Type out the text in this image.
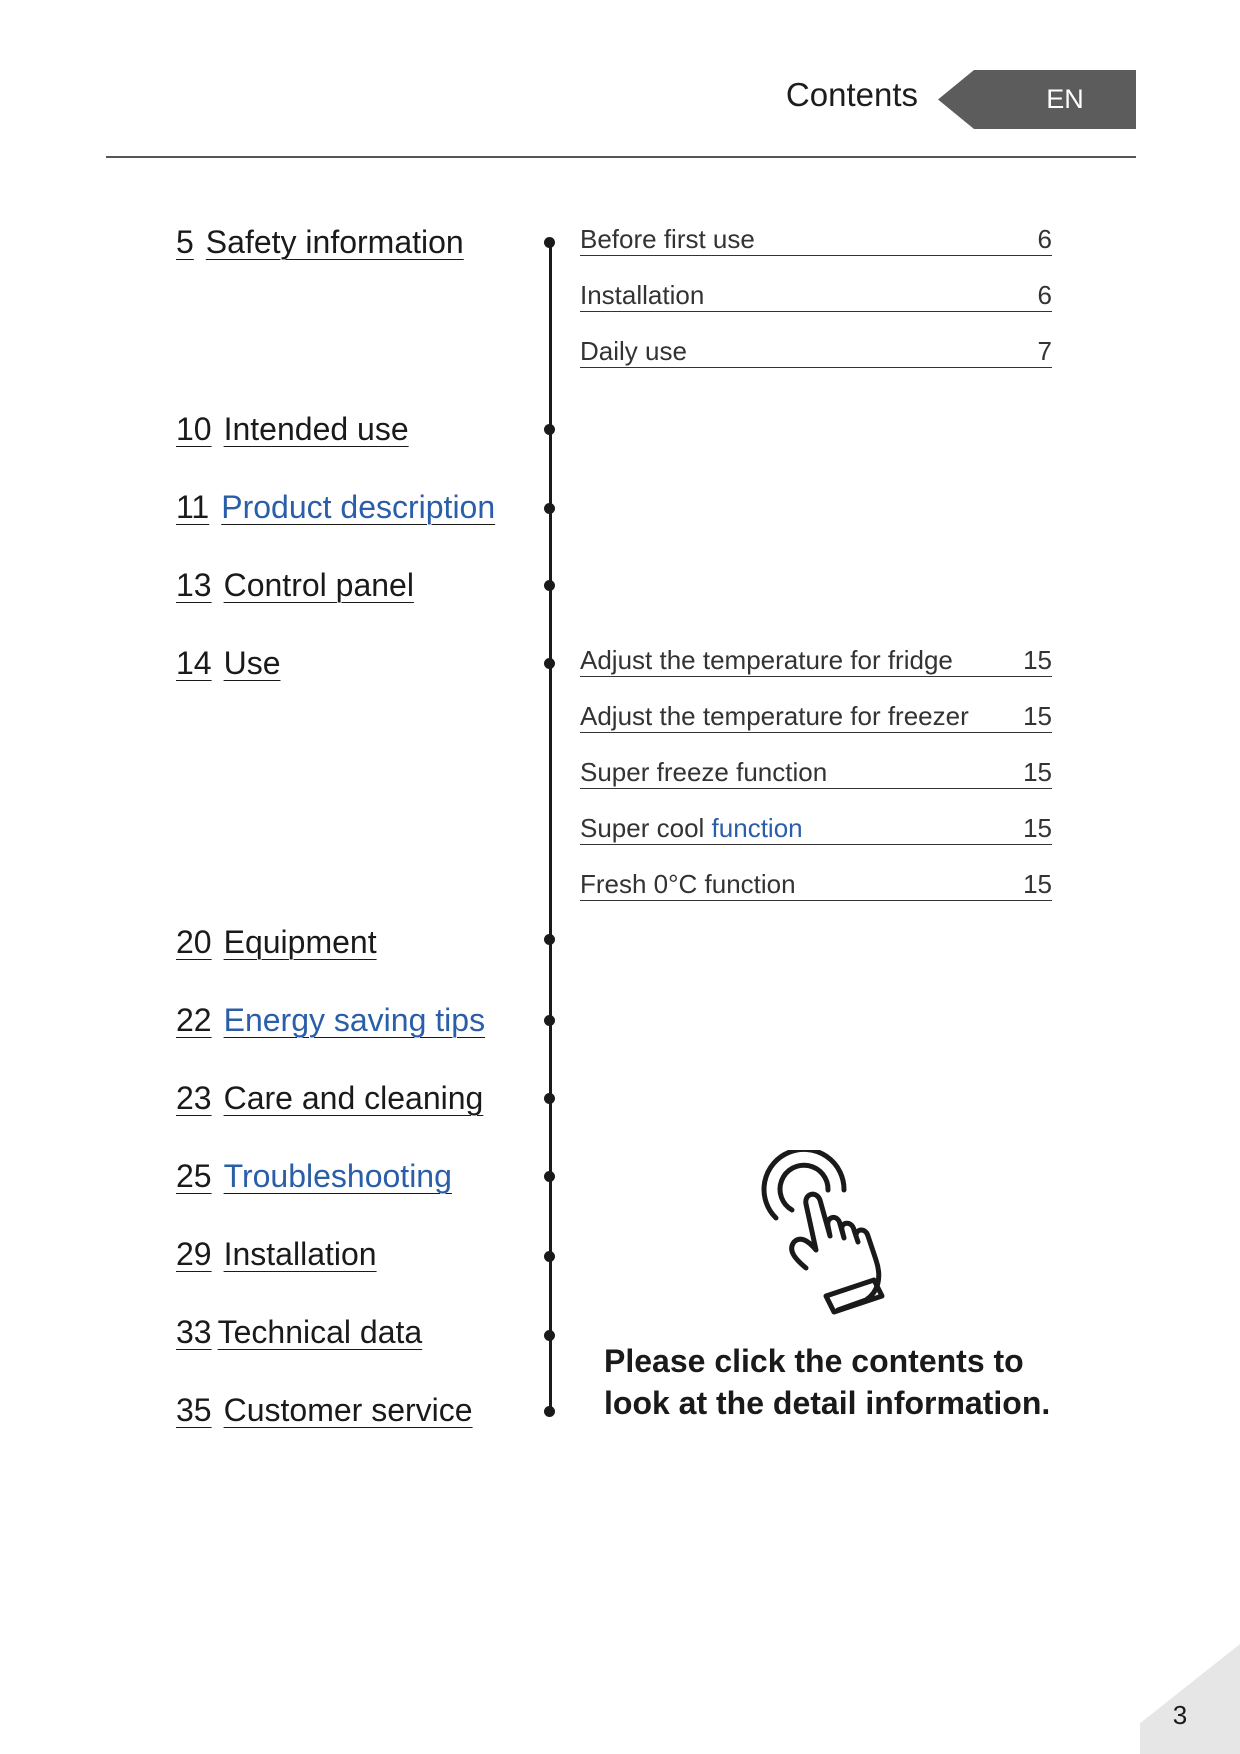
Contents	EN
5 Safety information
10 Intended use
11 Product description
13 Control panel
14 Use
20 Equipment
22 Energy saving tips
23 Care and cleaning
25 Troubleshooting
29 Installation
33 Technical data
35 Customer service
Before first use	6
Installation	6
Daily use	7
Adjust the temperature for fridge	15
Adjust the temperature for freezer 15
Super freeze function	15
Super cool function	15
Fresh 0°C function	15
Please click the contents to
look at the detail information.
3
